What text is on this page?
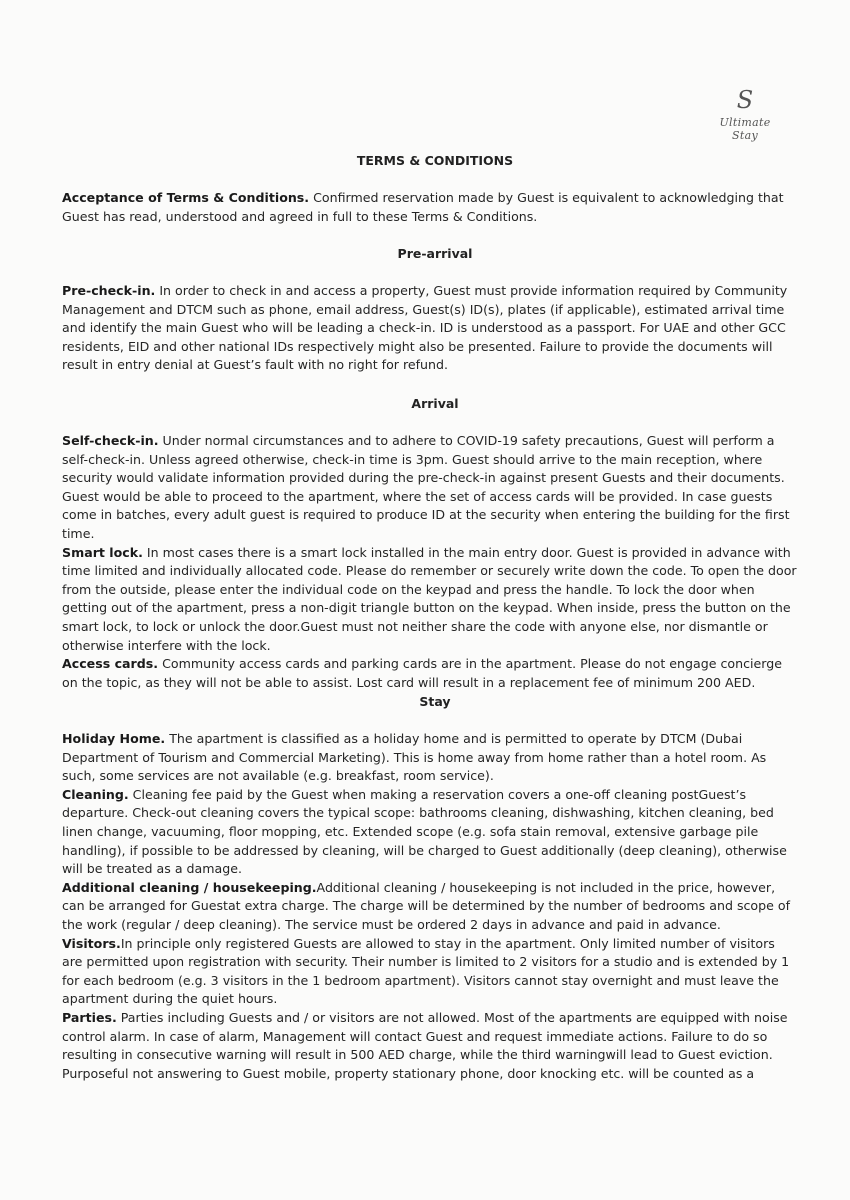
S
Ultimate Stay
TERMS & CONDITIONS

Acceptance of Terms & Conditions. Confirmed reservation made by Guest is equivalent to acknowledging that Guest has read, understood and agreed in full to these Terms & Conditions.

Pre-arrival

Pre-check-in. In order to check in and access a property, Guest must provide information required by Community Management and DTCM such as phone, email address, Guest(s) ID(s), plates (if applicable), estimated arrival time and identify the main Guest who will be leading a check-in. ID is understood as a passport. For UAE and other GCC residents, EID and other national IDs respectively might also be presented. Failure to provide the documents will result in entry denial at Guest’s fault with no right for refund.

Arrival

Self-check-in. Under normal circumstances and to adhere to COVID-19 safety precautions, Guest will perform a self-check-in. Unless agreed otherwise, check-in time is 3pm. Guest should arrive to the main reception, where security would validate information provided during the pre-check-in against present Guests and their documents. Guest would be able to proceed to the apartment, where the set of access cards will be provided. In case guests come in batches, every adult guest is required to produce ID at the security when entering the building for the first time.

Smart lock. In most cases there is a smart lock installed in the main entry door. Guest is provided in advance with time limited and individually allocated code. Please do remember or securely write down the code. To open the door from the outside, please enter the individual code on the keypad and press the handle. To lock the door when getting out of the apartment, press a non-digit triangle button on the keypad. When inside, press the button on the smart lock, to lock or unlock the door.Guest must not neither share the code with anyone else, nor dismantle or otherwise interfere with the lock.

Access cards. Community access cards and parking cards are in the apartment. Please do not engage concierge on the topic, as they will not be able to assist. Lost card will result in a replacement fee of minimum 200 AED.

Stay

Holiday Home. The apartment is classified as a holiday home and is permitted to operate by DTCM (Dubai Department of Tourism and Commercial Marketing). This is home away from home rather than a hotel room. As such, some services are not available (e.g. breakfast, room service).

Cleaning. Cleaning fee paid by the Guest when making a reservation covers a one-off cleaning postGuest’s departure. Check-out cleaning covers the typical scope: bathrooms cleaning, dishwashing, kitchen cleaning, bed linen change, vacuuming, floor mopping, etc. Extended scope (e.g. sofa stain removal, extensive garbage pile handling), if possible to be addressed by cleaning, will be charged to Guest additionally (deep cleaning), otherwise will be treated as a damage.

Additional cleaning / housekeeping.Additional cleaning / housekeeping is not included in the price, however, can be arranged for Guestat extra charge. The charge will be determined by the number of bedrooms and scope of the work (regular / deep cleaning). The service must be ordered 2 days in advance and paid in advance.

Visitors.In principle only registered Guests are allowed to stay in the apartment. Only limited number of visitors are permitted upon registration with security. Their number is limited to 2 visitors for a studio and is extended by 1 for each bedroom (e.g. 3 visitors in the 1 bedroom apartment). Visitors cannot stay overnight and must leave the apartment during the quiet hours.

Parties. Parties including Guests and / or visitors are not allowed. Most of the apartments are equipped with noise control alarm. In case of alarm, Management will contact Guest and request immediate actions. Failure to do so resulting in consecutive warning will result in 500 AED charge, while the third warningwill lead to Guest eviction. Purposeful not answering to Guest mobile, property stationary phone, door knocking etc. will be counted as a
